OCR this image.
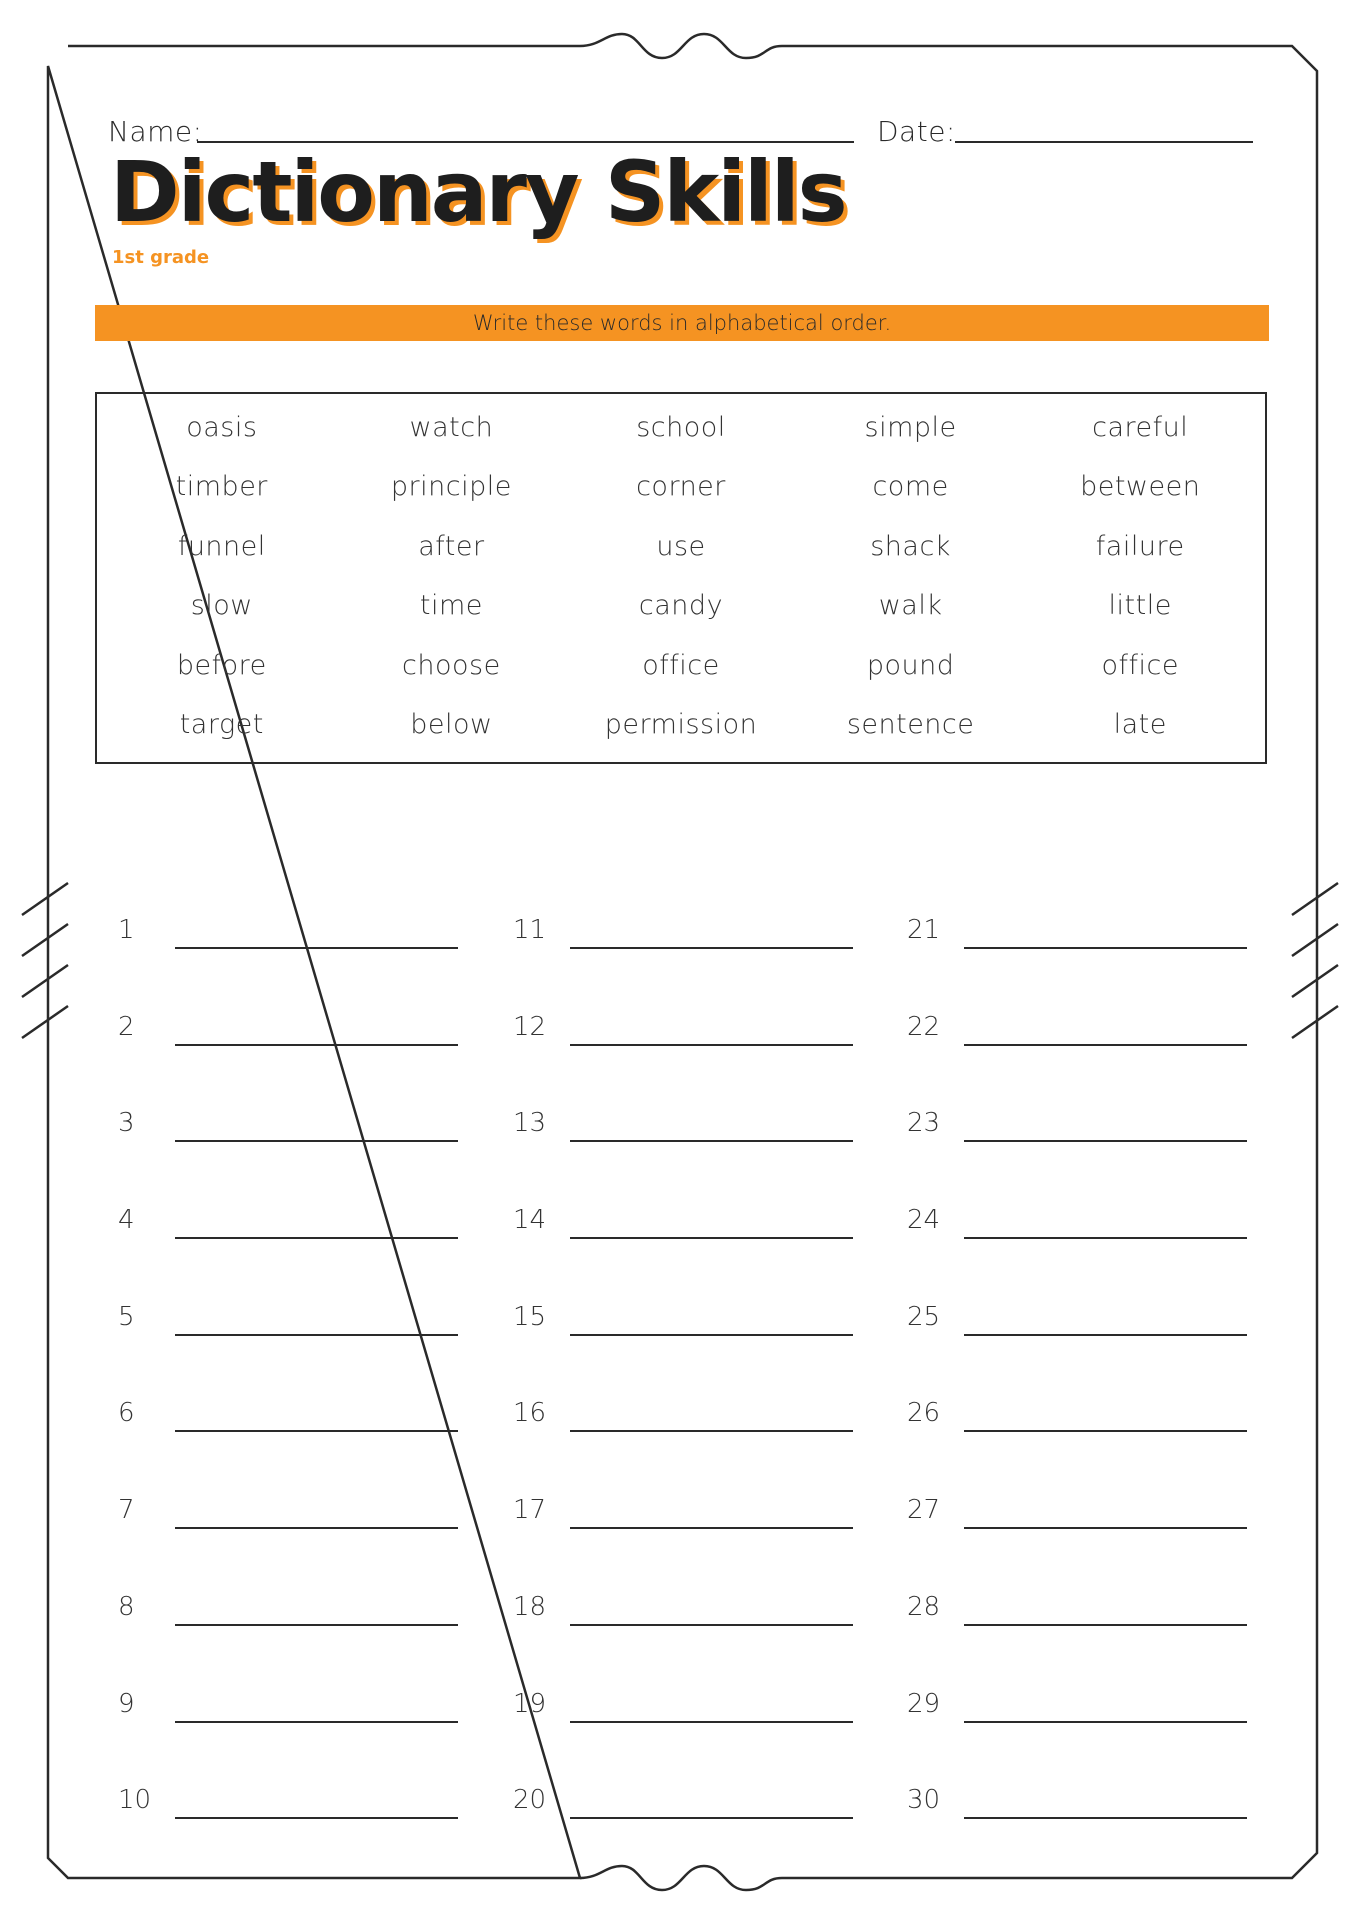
Name:	Date:
Dictionary Skills
1st grade
Write these words in alphabetical order.
oasis
timber
funnel
slow
before
target
watch
principle
after
time
choose
below
school
corner
use
candy
office
permission
simple
come
shack
walk
pound
sentence
careful
between
failure
little
office
late
1
2
3
4
5
6
7
8
9
10
11
12
13
14
15
16
17
18
19
20
21
22
23
24
25
26
27
28
29
30
